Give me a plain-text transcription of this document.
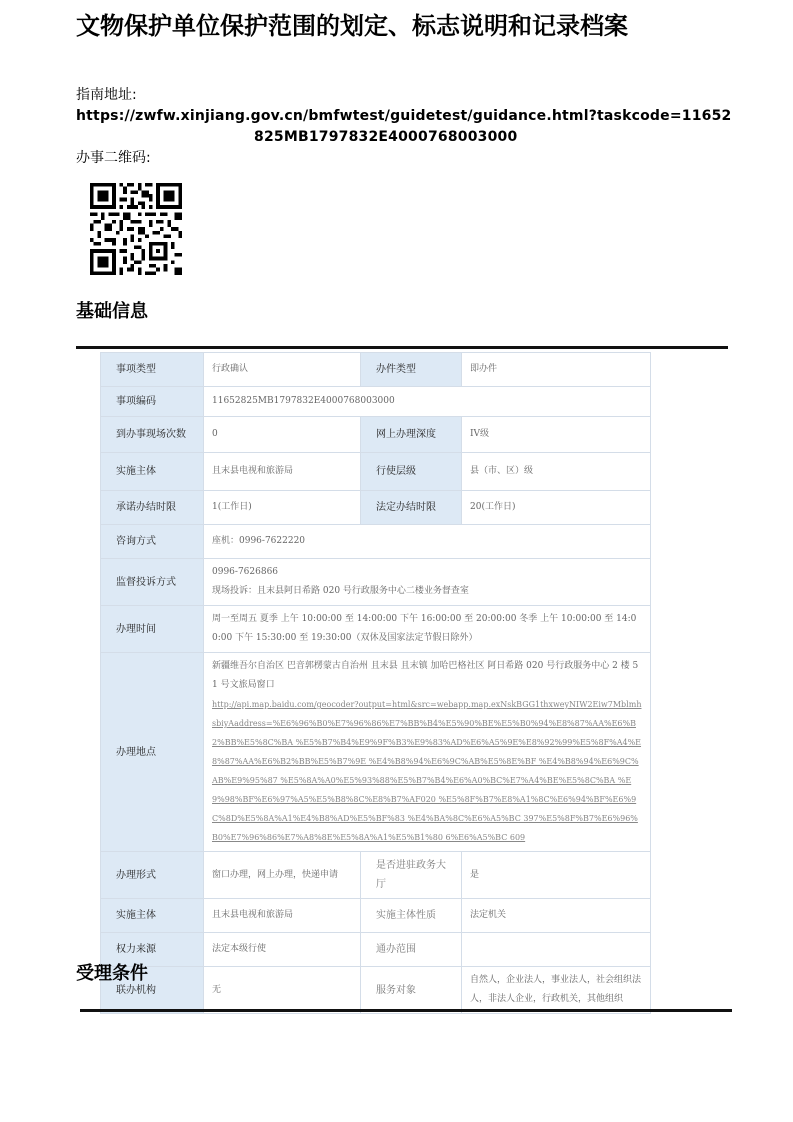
文物保护单位保护范围的划定、标志说明和记录档案
指南地址:
https://zwfw.xinjiang.gov.cn/bmfwtest/guidetest/guidance.html?taskcode=11652
825MB1797832E4000768003000
办事二维码:
基础信息
事项类型	行政确认	办件类型	即办件
事项编码	11652825MB1797832E4000768003000		
到办事现场次数	0	网上办理深度	IV级
实施主体	且末县电视和旅游局	行使层级	县（市、区）级
承诺办结时限	1(工作日)	法定办结时限	20(工作日)
咨询方式	座机：0996-7622220		
监督投诉方式	0996-7626866
现场投诉：且末县阿日希路 020 号行政服务中心二楼业务督查室		

办理时间	周一至周五 夏季 上午 10:00:00 至 14:00:00 下午 16:00:00 至 20:00:00 冬季 上午 10:00:00 至 14:00:00 下午 15:30:00 至 19:30:00（双休及国家法定节假日除外）		
办理地点	新疆维吾尔自治区 巴音郭楞蒙古自治州 且末县 且末镇 加哈巴格社区 阿日希路 020 号行政服务中心 2 楼 51 号文旅局窗口
http://api.map.baidu.com/geocoder?output=html&src=webapp.map.exNskBGG1thxweyNIW2Eiw7MblmhsbiyAaddress=%E6%96%B0%E7%96%86%E7%BB%B4%E5%90%BE%E5%B0%94%E8%87%AA%E6%B2%BB%E5%8C%BA %E5%B7%B4%E9%9F%B3%E9%83%AD%E6%A5%9E%E8%92%99%E5%8F%A4%E8%87%AA%E6%B2%BB%E5%B7%9E %E4%B8%94%E6%9C%AB%E5%8E%BF %E4%B8%94%E6%9C%AB%E9%95%87 %E5%8A%A0%E5%93%88%E5%B7%B4%E6%A0%BC%E7%A4%BE%E5%8C%BA %E9%98%BF%E6%97%A5%E5%B8%8C%E8%B7%AF020 %E5%8F%B7%E8%A1%8C%E6%94%BF%E6%9C%8D%E5%8A%A1%E4%B8%AD%E5%BF%83 %E4%BA%8C%E6%A5%BC 397%E5%8F%B7%E6%96%B0%E7%96%86%E7%A8%8E%E5%8A%A1%E5%B1%80 6%E6%A5%BC 609		

办理形式	窗口办理，网上办理，快递申请	是否进驻政务大厅	是
实施主体	且末县电视和旅游局	实施主体性质	法定机关
权力来源	法定本级行使	通办范围	
联办机构	无	服务对象	自然人，企业法人，事业法人，社会组织法人，非法人企业，行政机关，其他组织
受理条件
